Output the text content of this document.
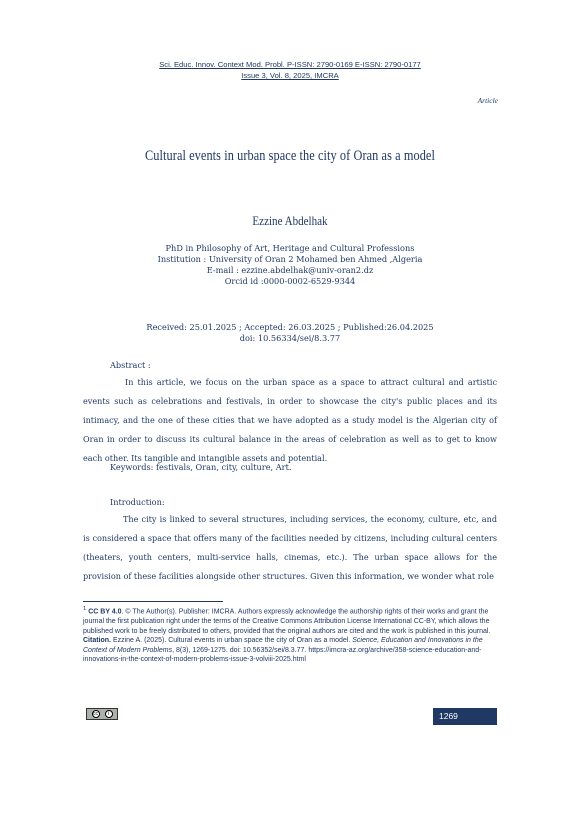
Sci. Educ. Innov. Context Mod. Probl. P-ISSN: 2790-0169 E-ISSN: 2790-0177
Issue 3, Vol. 8, 2025, IMCRA
Article
Cultural events in urban space the city of Oran as a model
Ezzine Abdelhak
PhD in Philosophy of Art, Heritage and Cultural Professions
Institution : University of Oran 2 Mohamed ben Ahmed ,Algeria
E-mail : ezzine.abdelhak@univ-oran2.dz
Orcid id :0000-0002-6529-9344
Received: 25.01.2025 ; Accepted: 26.03.2025 ; Published:26.04.2025
doi: 10.56334/sei/8.3.77
Abstract :
In this article, we focus on the urban space as a space to attract cultural and artistic events such as celebrations and festivals, in order to showcase the city's public places and its intimacy, and the one of these cities that we have adopted as a study model is the Algerian city of Oran in order to discuss its cultural balance in the areas of celebration as well as to get to know each other. Its tangible and intangible assets and potential.
Keywords: festivals, Oran, city, culture, Art.
Introduction:
The city is linked to several structures, including services, the economy, culture, etc, and is considered a space that offers many of the facilities needed by citizens, including cultural centers (theaters, youth centers, multi-service halls, cinemas, etc.). The urban space allows for the provision of these facilities alongside other structures. Given this information, we wonder what role
$^1$ CC BY 4.0. © The Author(s). Publisher: IMCRA. Authors expressly acknowledge the authorship rights of their works and grant the journal the first publication right under the terms of the Creative Commons Attribution License International CC-BY, which allows the published work to be freely distributed to others, provided that the original authors are cited and the work is published in this journal.
Citation. Ezzine A. (2025). Cultural events in urban space the city of Oran as a model. Science, Education and Innovations in the Context of Modern Problems, 8(3), 1269-1275. doi: 10.56352/sei/8.3.77. https://imcra-az.org/archive/358-science-education-and-innovations-in-the-context-of-modern-problems-issue-3-volviii-2025.html
cc	i	1269
